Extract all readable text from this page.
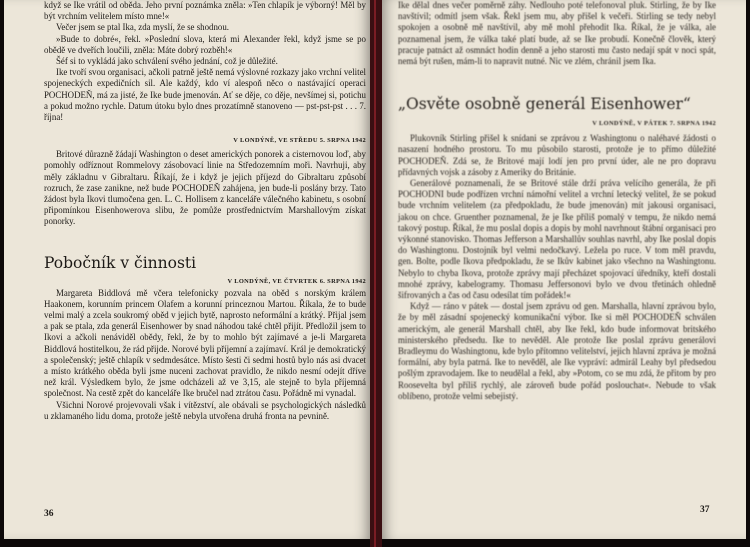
když se Ike vrátil od oběda. Jeho první poznámka zněla: »Ten chlapík je výborný! Měl by být vrchním velitelem místo mne!«

Večer jsem se ptal Ika, zda myslí, že se shodnou.

»Bude to dobré«, řekl. »Poslední slova, která mi Alexander řekl, když jsme se po obědě ve dveřích loučili, zněla: Máte dobrý rozběh!«

Šéf si to vykládá jako schválení svého jednání, což je důležité.

Ike tvoří svou organisaci, ačkoli patrně ještě nemá výslovné rozkazy jako vrchní velitel spojeneckých expedičních sil. Ale každý, kdo ví alespoň něco o nastávající operaci POCHODEŇ, má za jisté, že Ike bude jmenován. Ať se děje, co děje, nevšímej si, potichu a pokud možno rychle. Datum útoku bylo dnes prozatímně stanoveno — pst-pst-pst . . . 7. října!

V LONDÝNĚ, VE STŘEDU 5. SRPNA 1942

Britové důrazně žádají Washington o deset amerických ponorek a cisternovou loď, aby pomohly odříznout Rommelovy zásobovací linie na Středozemním moři. Navrhuji, aby měly základnu v Gibraltaru. Říkají, že i když je jejich příjezd do Gibraltaru způsobí rozruch, že zase zanikne, než bude POCHODEŇ zahájena, jen bude-li poslány brzy. Tato žádost byla Ikovi tlumočena gen. L. C. Hollisem z kanceláře válečného kabinetu, s osobní připomínkou Eisenhowerova slibu, že pomůže prostřednictvím Marshallovým získat ponorky.

Pobočník v činnosti

V LONDÝNĚ, VE ČTVRTEK 6. SRPNA 1942

Margareta Biddlová mě včera telefonicky pozvala na oběd s norským králem Haakonem, korunním princem Olafem a korunní princeznou Martou. Říkala, že to bude velmi malý a zcela soukromý oběd v jejich bytě, naprosto neformální a krátký. Přijal jsem a pak se ptala, zda generál Eisenhower by snad náhodou také chtěl přijít. Předložil jsem to Ikovi a ačkoli nenáviděl obědy, řekl, že by to mohlo být zajímavé a je-li Margareta Biddlová hostitelkou, že rád přijde. Norové byli příjemní a zajímaví. Král je demokratický a společenský; ještě chlapík v sedmdesátce. Místo šesti či sedmi hostů bylo nás asi dvacet a místo krátkého oběda byli jsme nuceni zachovat pravidlo, že nikdo nesmí odejít dříve než král. Výsledkem bylo, že jsme odcházeli až ve 3,15, ale stejně to byla příjemná společnost. Na cestě zpět do kanceláře Ike bručel nad ztrátou času. Pořádně mi vynadal.

Všichni Norové projevovali však i vítězství, ale obávali se psychologických následků u zklamaného lidu doma, protože ještě nebyla utvořena druhá fronta na pevnině.

36

Ike dělal dnes večer poměrně záhy. Nedlouho poté telefonoval pluk. Stirling, že by Ike navštívil; odmítl jsem však. Řekl jsem mu, aby přišel k večeři. Stirling se tedy nebyl spokojen a osobně mě navštívil, aby mě mohl přehodit Ika. Říkal, že je válka, ale poznamenal jsem, že válka také platí bude, až se Ike probudí. Konečně člověk, který pracuje patnáct až osmnáct hodin denně a jeho starosti mu často nedají spát v noci spát, nemá být rušen, mám-li to napravit nutné. Nic ve zlém, chránil jsem Ika.

„Osvěte osobně generál Eisenhower“

V LONDÝNĚ, V PÁTEK 7. SRPNA 1942

Plukovník Stirling přišel k snídani se zprávou z Washingtonu o naléhavé žádosti o nasazení hodného prostoru. To mu působilo starosti, protože je to přímo důležité POCHODEŇ. Zdá se, že Britové mají lodí jen pro první úder, ale ne pro dopravu přídavných vojsk a zásoby z Ameriky do Británie.

Generálové poznamenali, že se Britové stále drží práva velícího generála, že při POCHODNI bude podřízen vrchní námořní velitel a vrchní letecký velitel, že se pokud bude vrchním velitelem (za předpokladu, že bude jmenován) mít jakousi organisaci, jakou on chce. Gruenther poznamenal, že je Ike příliš pomalý v tempu, že nikdo nemá takový postup. Říkal, že mu poslal dopis a dopis by mohl navrhnout štábní organisaci pro výkonné stanovisko. Thomas Jefferson a Marshallův souhlas navrhl, aby Ike poslal dopis do Washingtonu. Dostojník byl velmi nedočkavý. Ležela po ruce. V tom měl pravdu, gen. Bolte, podle Ikova předpokladu, že se Ikův kabinet jako všechno na Washingtonu. Nebylo to chyba Ikova, protože zprávy mají přecházet spojovací úředníky, kteří dostali mnohé zprávy, kabelogramy. Thomasu Jeffersonovi bylo ve dvou třetinách ohledně šifrovaných a čas od času odesílat tím pořádek!«

Když — ráno v pátek — dostal jsem zprávu od gen. Marshalla, hlavní zprávou bylo, že by měl zásadní spojenecký komunikační výbor. Ike si měl POCHODEŇ schválen americkým, ale generál Marshall chtěl, aby Ike řekl, kdo bude informovat britského ministerského předsedu. Ike to nevěděl. Ale protože Ike poslal zprávu generálovi Bradleymu do Washingtonu, kde bylo přítomno velitelství, jejich hlavní zpráva je možná formální, aby byla patrná. Ike to nevěděl, ale Ike vypráví: admirál Leahy byl předsedou pošlým zpravodajem. Ike to neudělal a řekl, aby »Potom, co se mu zdá, že přitom by pro Roosevelta byl příliš rychlý, ale zároveň bude pořád poslouchat«. Nebude to však oblíbeno, protože velmi sebejistý.

37
